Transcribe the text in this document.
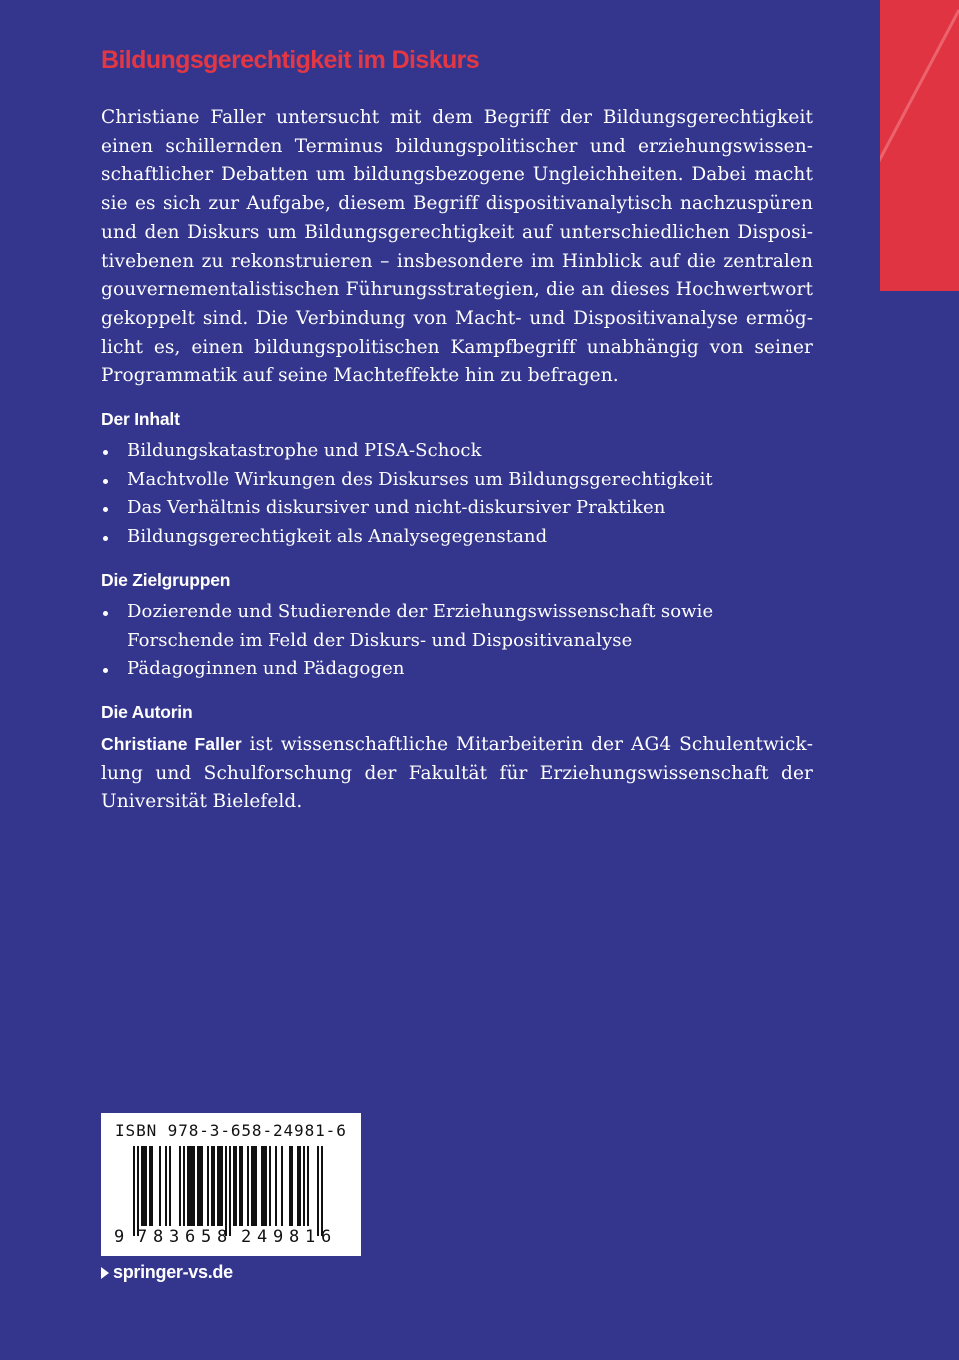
Bildungsgerechtigkeit im Diskurs

Christiane Faller untersucht mit dem Begriff der Bildungsgerechtigkeit einen schillernden Terminus bildungspolitischer und erziehungswissenschaftlicher Debatten um bildungsbezogene Ungleichheiten. Dabei macht sie es sich zur Aufgabe, diesem Begriff dispositivanalytisch nachzuspüren und den Diskurs um Bildungsgerechtigkeit auf unterschiedlichen Dispositivebenen zu rekonstruieren – insbesondere im Hinblick auf die zentralen gouvernementalistischen Führungsstrategien, die an dieses Hochwertwort gekoppelt sind. Die Verbindung von Macht- und Dispositivanalyse ermöglicht es, einen bildungspolitischen Kampfbegriff unabhängig von seiner Programmatik auf seine Machteffekte hin zu befragen.

Der Inhalt
Bildungskatastrophe und PISA-Schock
Machtvolle Wirkungen des Diskurses um Bildungsgerechtigkeit
Das Verhältnis diskursiver und nicht-diskursiver Praktiken
Bildungsgerechtigkeit als Analysegegenstand
Die Zielgruppen
Dozierende und Studierende der Erziehungswissenschaft sowie Forschende im Feld der Diskurs- und Dispositivanalyse
Pädagoginnen und Pädagogen
Die Autorin

Christiane Faller ist wissenschaftliche Mitarbeiterin der AG4 Schulentwicklung und Schulforschung der Fakultät für Erziehungswissenschaft der Universität Bielefeld.

ISBN 978-3-658-24981-6
9 7 8 3 6 5 8 2 4 9 8 1 6
springer-vs.de
